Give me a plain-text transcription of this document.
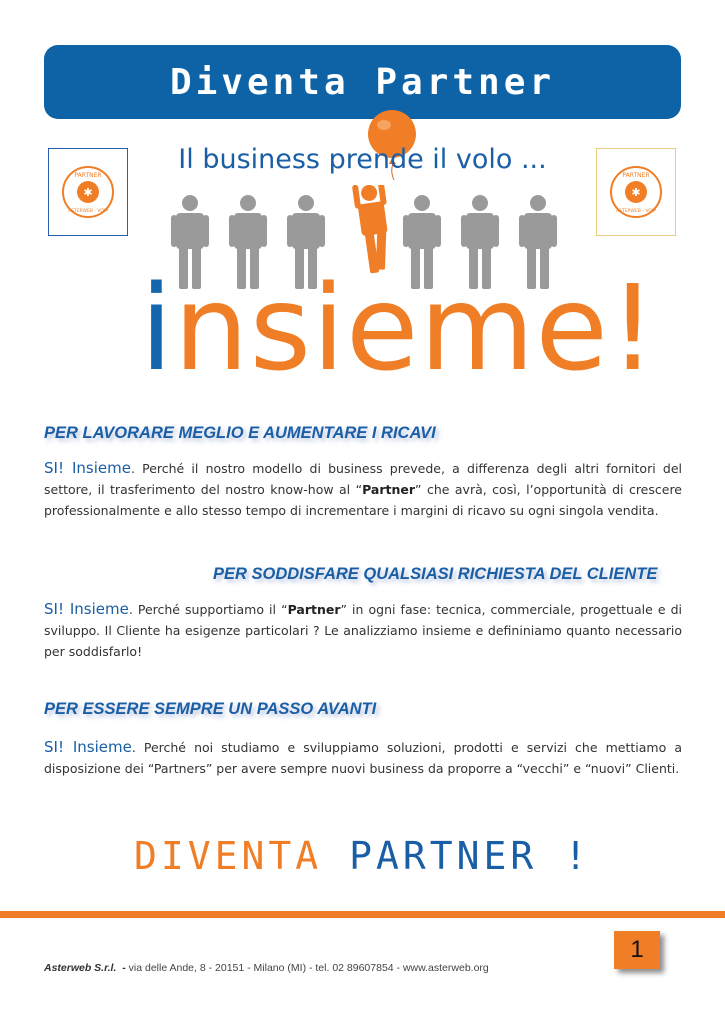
Diventa Partner
✱
PARTNER
ASTERWEB - VOIP
✱
PARTNER
ASTERWEB - VOIP
Il business prende il volo ...
insieme!
PER LAVORARE MEGLIO E AUMENTARE I RICAVI
SI! Insieme. Perché il nostro modello di business prevede, a differenza degli altri fornitori del settore, il trasferimento del nostro know-how al “Partner” che avrà, così, l’opportunità di crescere professionalmente e allo stesso tempo di incrementare i margini di ricavo su ogni singola vendita.
PER SODDISFARE QUALSIASI RICHIESTA DEL CLIENTE
SI! Insieme. Perché supportiamo il “Partner” in ogni fase: tecnica, commerciale, progettuale e di sviluppo. Il Cliente ha esigenze particolari ? Le analizziamo insieme e defininiamo quanto necessario per soddisfarlo!
PER ESSERE SEMPRE UN PASSO AVANTI
SI! Insieme. Perché noi studiamo e sviluppiamo soluzioni, prodotti e servizi che mettiamo a disposizione dei “Partners” per avere sempre nuovi business da proporre a “vecchi” e “nuovi” Clienti.
DIVENTA PARTNER !
1
Asterweb S.r.l. - via delle Ande, 8 - 20151 - Milano (MI) - tel. 02 89607854 - www.asterweb.org
